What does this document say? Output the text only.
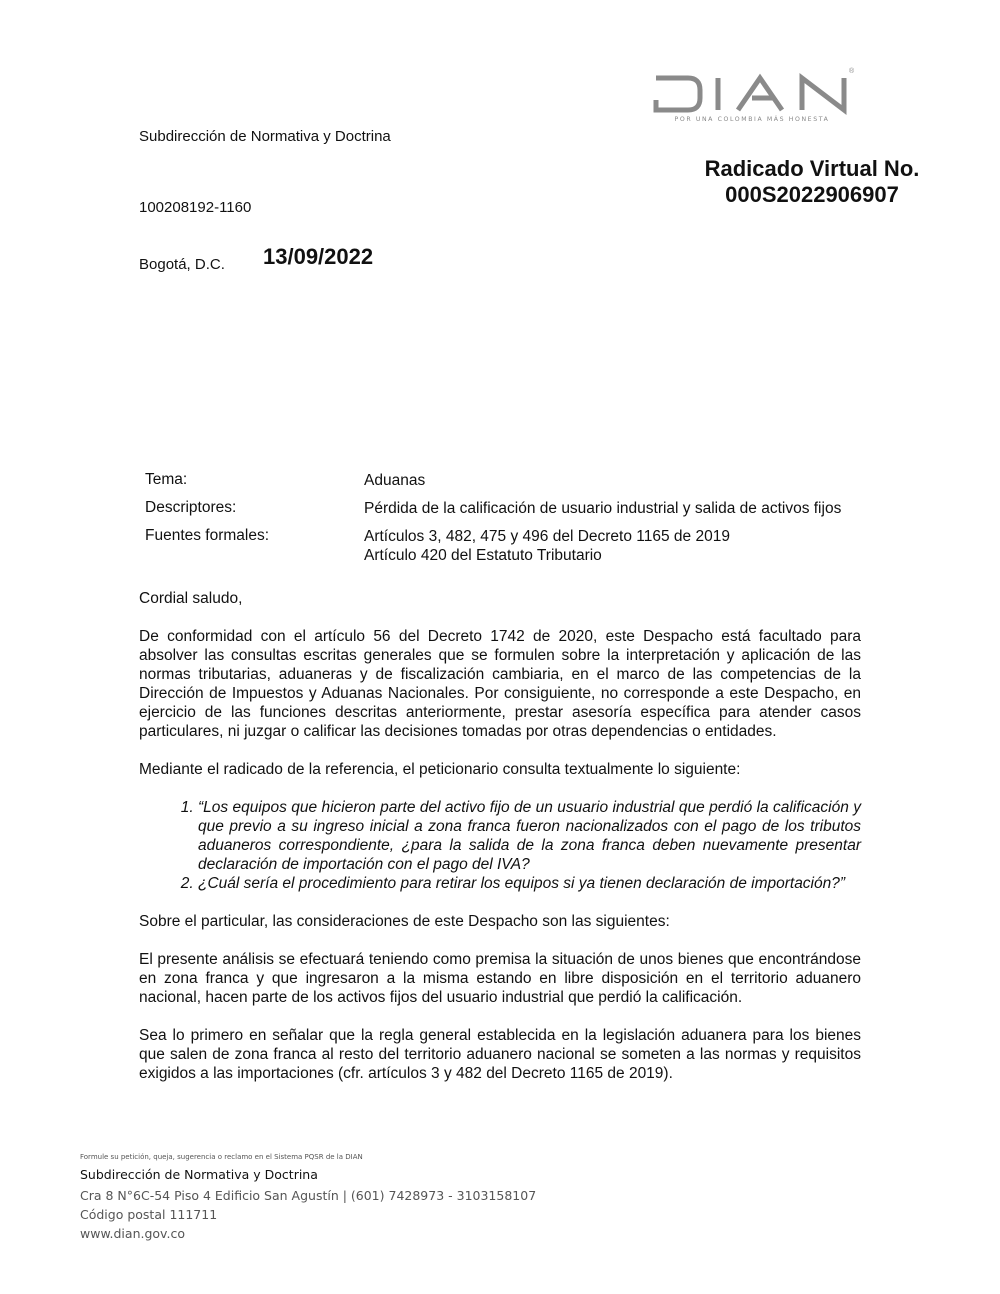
®
POR UNA COLOMBIA MÁS HONESTA
Subdirección de Normativa y Doctrina
Radicado Virtual No.
000S2022906907
100208192-1160
Bogotá, D.C. 13/09/2022
Tema:	Aduanas
Descriptores:	Pérdida de la calificación de usuario industrial y salida de activos fijos
Fuentes formales:	Artículos 3, 482, 475 y 496 del Decreto 1165 de 2019
Artículo 420 del Estatuto Tributario

Cordial saludo,

De conformidad con el artículo 56 del Decreto 1742 de 2020, este Despacho está facultado para absolver las consultas escritas generales que se formulen sobre la interpretación y aplicación de las normas tributarias, aduaneras y de fiscalización cambiaria, en el marco de las competencias de la Dirección de Impuestos y Aduanas Nacionales. Por consiguiente, no corresponde a este Despacho, en ejercicio de las funciones descritas anteriormente, prestar asesoría específica para atender casos particulares, ni juzgar o calificar las decisiones tomadas por otras dependencias o entidades.

Mediante el radicado de la referencia, el peticionario consulta textualmente lo siguiente:

1. “Los equipos que hicieron parte del activo fijo de un usuario industrial que perdió la calificación y que previo a su ingreso inicial a zona franca fueron nacionalizados con el pago de los tributos aduaneros correspondiente, ¿para la salida de la zona franca deben nuevamente presentar declaración de importación con el pago del IVA?
2. ¿Cuál sería el procedimiento para retirar los equipos si ya tienen declaración de importación?”

Sobre el particular, las consideraciones de este Despacho son las siguientes:

El presente análisis se efectuará teniendo como premisa la situación de unos bienes que encontrándose en zona franca y que ingresaron a la misma estando en libre disposición en el territorio aduanero nacional, hacen parte de los activos fijos del usuario industrial que perdió la calificación.

Sea lo primero en señalar que la regla general establecida en la legislación aduanera para los bienes que salen de zona franca al resto del territorio aduanero nacional se someten a las normas y requisitos exigidos a las importaciones (cfr. artículos 3 y 482 del Decreto 1165 de 2019).

Formule su petición, queja, sugerencia o reclamo en el Sistema PQSR de la DIAN
Subdirección de Normativa y Doctrina
Cra 8 N°6C-54 Piso 4 Edificio San Agustín | (601) 7428973 - 3103158107
Código postal 111711
www.dian.gov.co
